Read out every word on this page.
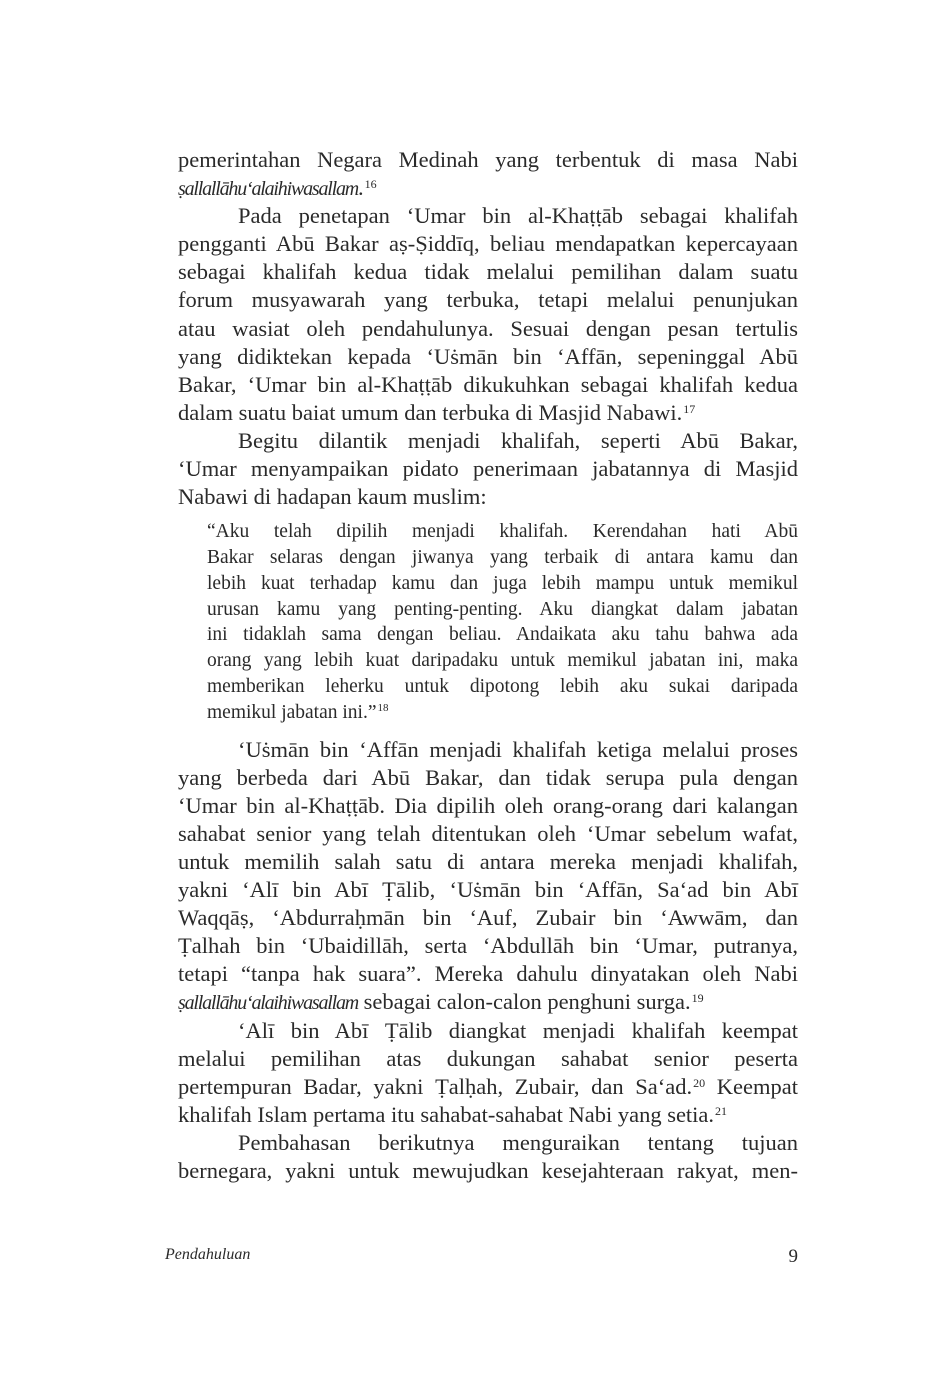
pemerintahan Negara Medinah yang terbentuk di masa Nabi
ṣallallāhu‘alaihiwasallam.$^{16}$
Pada penetapan ‘Umar bin al-Khaṭṭāb sebagai khalifah
pengganti Abū Bakar aṣ-Ṣiddīq, beliau mendapatkan kepercayaan
sebagai khalifah kedua tidak melalui pemilihan dalam suatu
forum musyawarah yang terbuka, tetapi melalui penunjukan
atau wasiat oleh pendahulunya. Sesuai dengan pesan tertulis
yang didiktekan kepada ‘Uṡmān bin ‘Affān, sepeninggal Abū
Bakar, ‘Umar bin al-Khaṭṭāb dikukuhkan sebagai khalifah kedua
dalam suatu baiat umum dan terbuka di Masjid Nabawi.$^{17}$
Begitu dilantik menjadi khalifah, seperti Abū Bakar,
‘Umar menyampaikan pidato penerimaan jabatannya di Masjid
Nabawi di hadapan kaum muslim:
“Aku telah dipilih menjadi khalifah. Kerendahan hati Abū
Bakar selaras dengan jiwanya yang terbaik di antara kamu dan
lebih kuat terhadap kamu dan juga lebih mampu untuk memikul
urusan kamu yang penting-penting. Aku diangkat dalam jabatan
ini tidaklah sama dengan beliau. Andaikata aku tahu bahwa ada
orang yang lebih kuat daripadaku untuk memikul jabatan ini, maka
memberikan leherku untuk dipotong lebih aku sukai daripada
memikul jabatan ini.”$^{18}$
‘Uṡmān bin ‘Affān menjadi khalifah ketiga melalui proses
yang berbeda dari Abū Bakar, dan tidak serupa pula dengan
‘Umar bin al-Khaṭṭāb. Dia dipilih oleh orang-orang dari kalangan
sahabat senior yang telah ditentukan oleh ‘Umar sebelum wafat,
untuk memilih salah satu di antara mereka menjadi khalifah,
yakni ‘Alī bin Abī Ṭālib, ‘Uṡmān bin ‘Affān, Sa‘ad bin Abī
Waqqāṣ, ‘Abdurraḥmān bin ‘Auf, Zubair bin ‘Awwām, dan
Ṭalhah bin ‘Ubaidillāh, serta ‘Abdullāh bin ‘Umar, putranya,
tetapi “tanpa hak suara”. Mereka dahulu dinyatakan oleh Nabi
ṣallallāhu‘alaihiwasallam sebagai calon-calon penghuni surga.$^{19}$
‘Alī bin Abī Ṭālib diangkat menjadi khalifah keempat
melalui pemilihan atas dukungan sahabat senior peserta
pertempuran Badar, yakni Ṭalḥah, Zubair, dan Sa‘ad.$^{20}$ Keempat
khalifah Islam pertama itu sahabat-sahabat Nabi yang setia.$^{21}$
Pembahasan berikutnya menguraikan tentang tujuan
bernegara, yakni untuk mewujudkan kesejahteraan rakyat, men-
Pendahuluan	9
